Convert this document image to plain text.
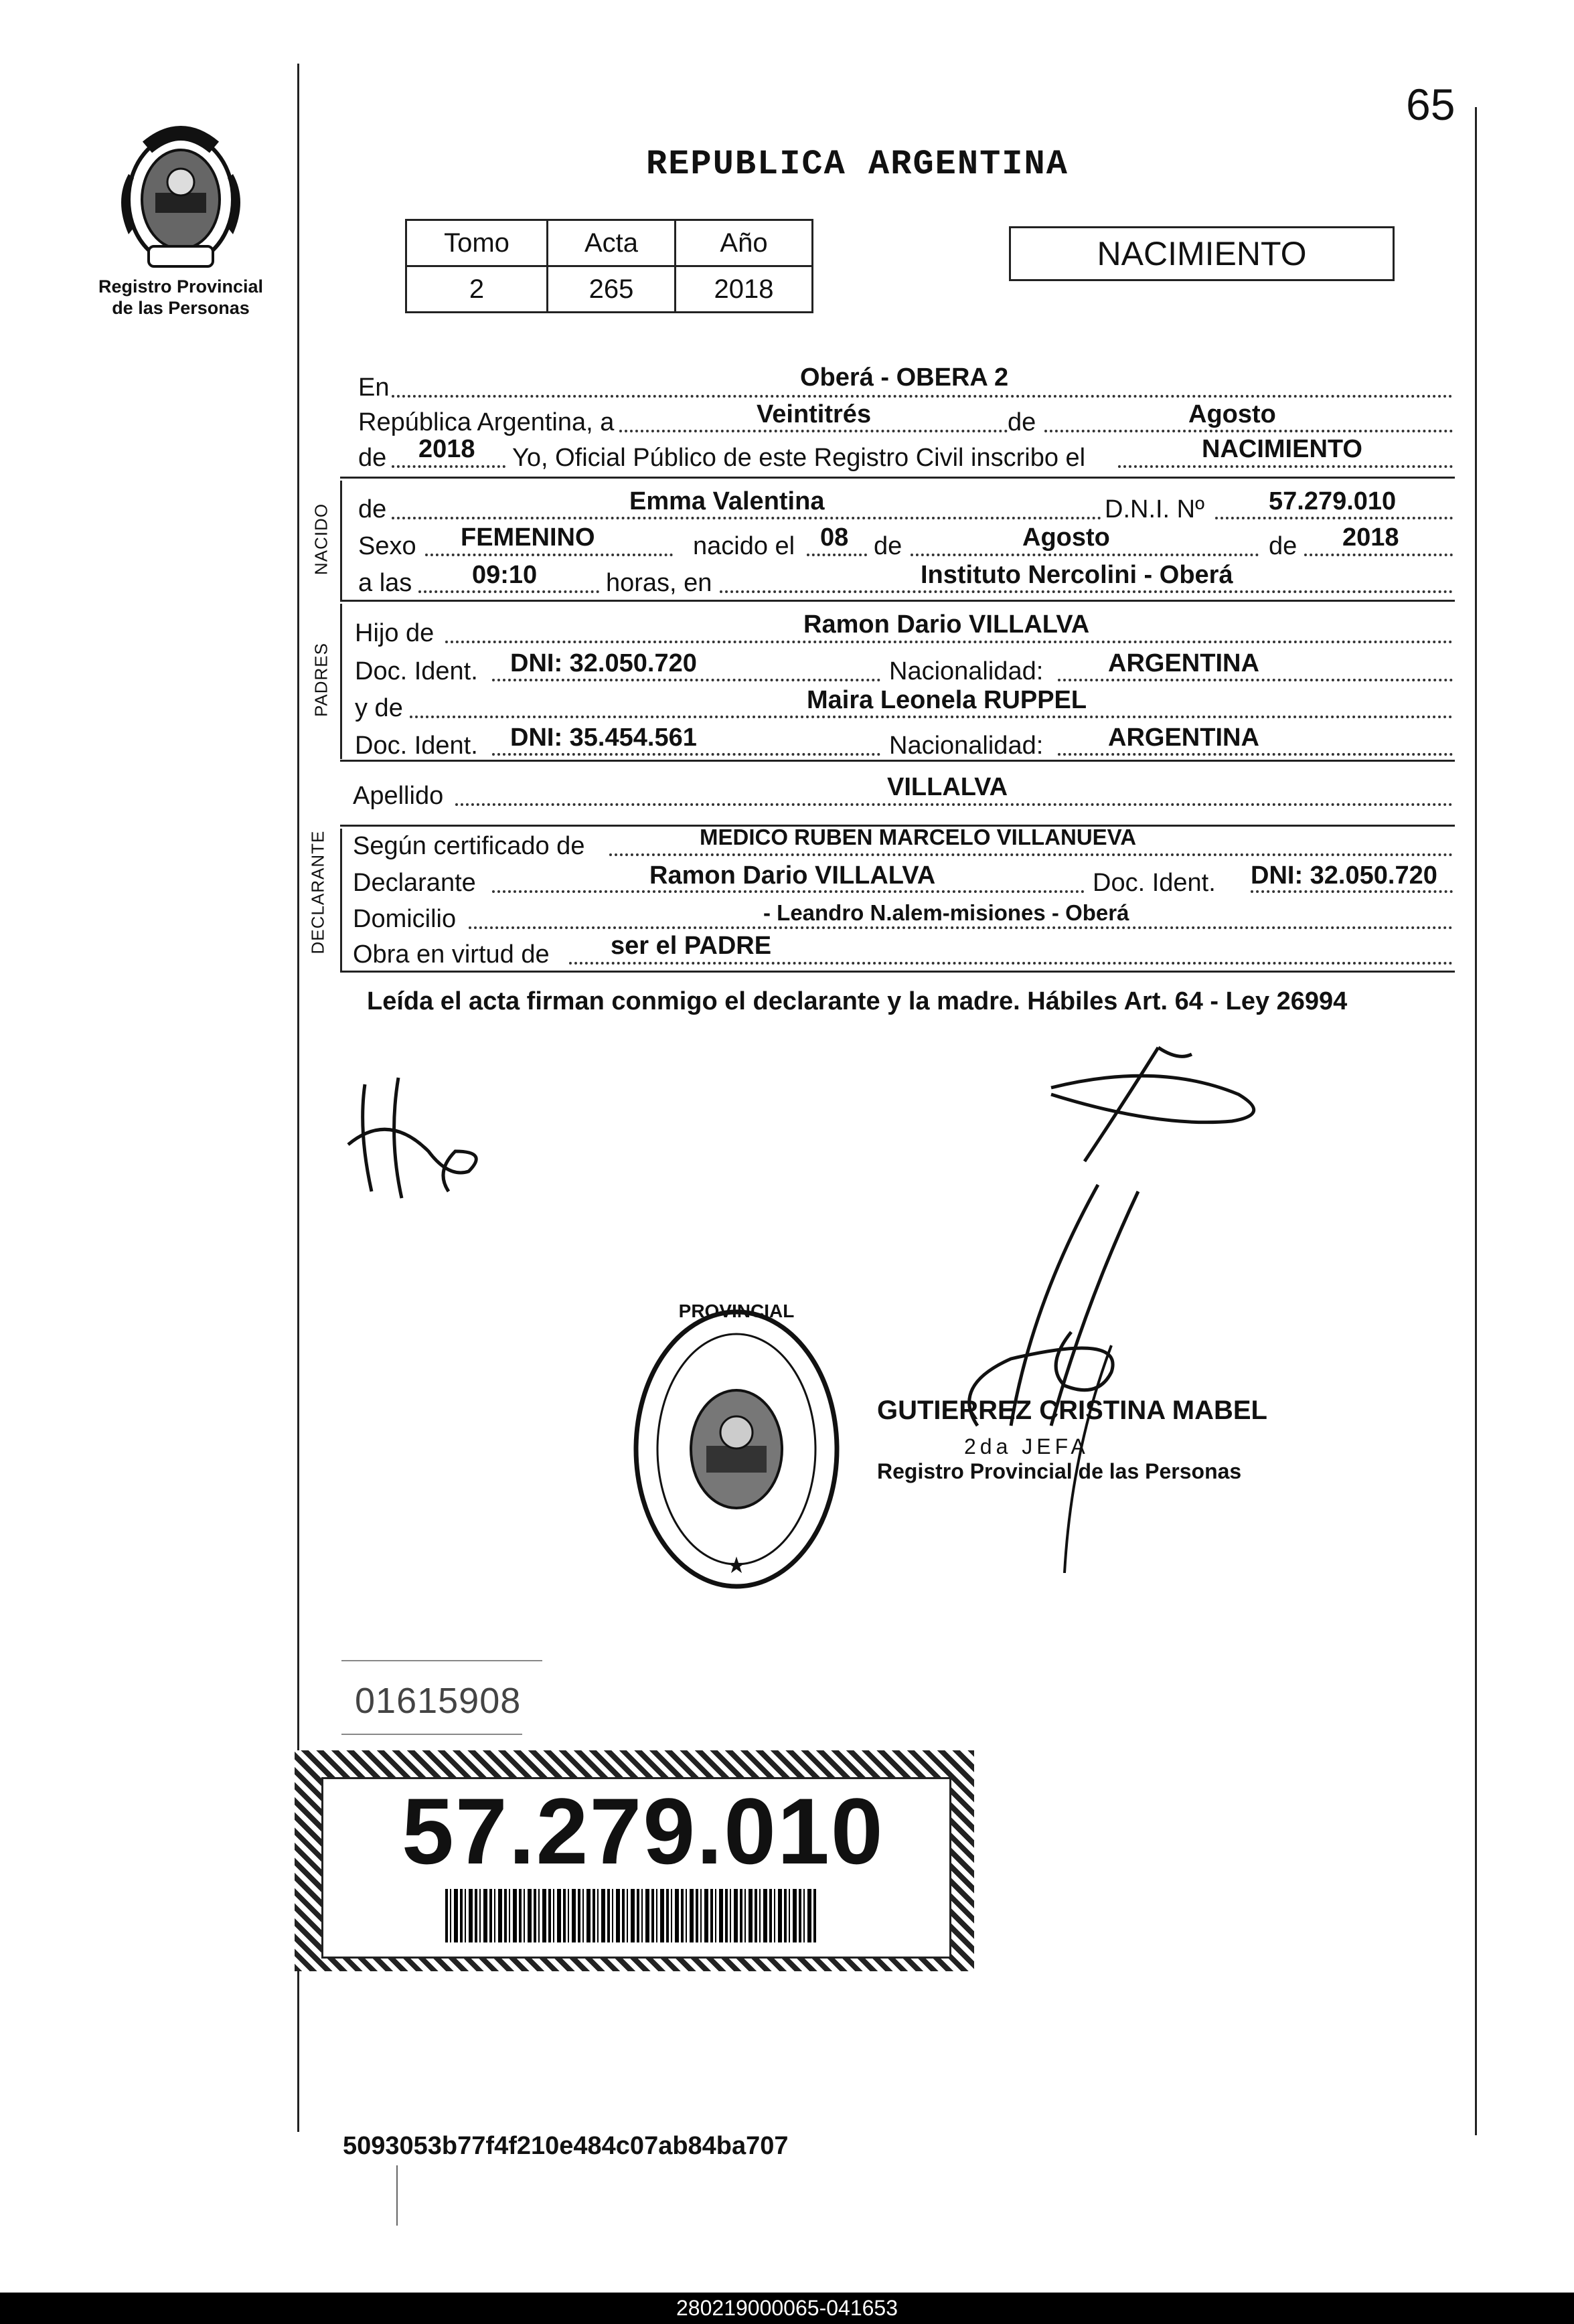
65
Registro Provincial
de las Personas
REPUBLICA ARGENTINA
Tomo	Acta	Año
2	265	2018
NACIMIENTO
En	Oberá - OBERA 2
República Argentina, a	Veintitrés	de	Agosto
de 2018 Yo, Oficial Público de este Registro Civil inscribo el	NACIMIENTO
NACIDO de	Emma Valentina	D.N.I. Nº	57.279.010
Sexo FEMENINO	nacido el 08 de	Agosto	de 2018
a las 09:10	horas, en	Instituto Nercolini - Oberá
PADRES
Hijo de	Ramon Dario VILLALVA
Doc. Ident. DNI: 32.050.720	Nacionalidad:	ARGENTINA
y de	Maira Leonela RUPPEL
Doc. Ident. DNI: 35.454.561	Nacionalidad:	ARGENTINA
Apellido	VILLALVA
DECLARANTE Según certificado de	MEDICO RUBEN MARCELO VILLANUEVA
Declarante	Ramon Dario VILLALVA	Doc. Ident. DNI: 32.050.720
Domicilio	- Leandro N.alem-misiones - Oberá
Obra en virtud de ser el PADRE
Leída el acta firman conmigo el declarante y la madre. Hábiles Art. 64 - Ley 26994
PROVINCIAL
★
GUTIERREZ CRISTINA MABEL
2da JEFA
Registro Provincial de las Personas
01615908
57.279.010
5093053b77f4f210e484c07ab84ba707
280219000065-041653
